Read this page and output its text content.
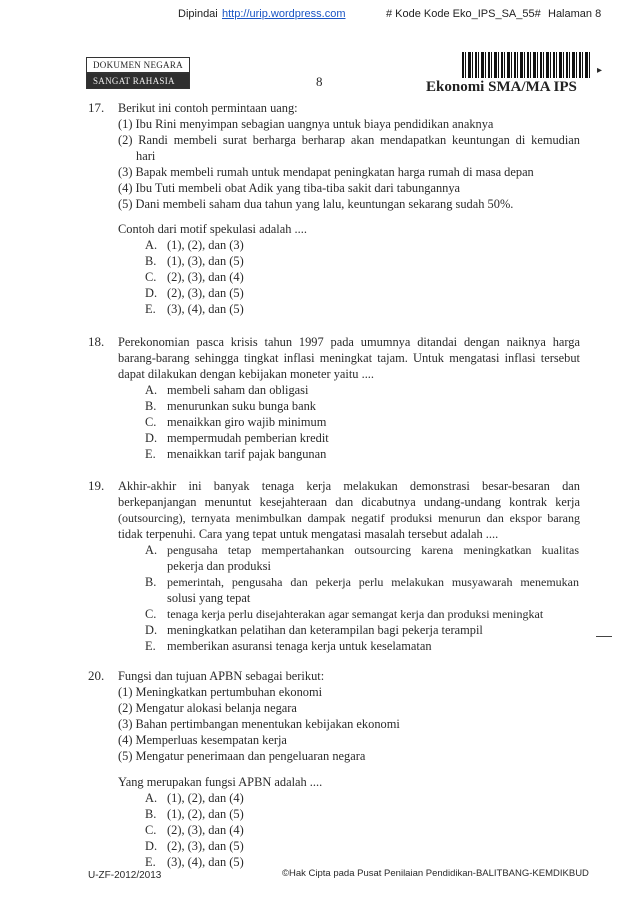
Dipindai http://urip.wordpress.com	# Kode Kode Eko_IPS_SA_55# Halaman 8
DOKUMEN NEGARA
SANGAT RAHASIA	8
▸
Ekonomi SMA/MA IPS
17. Berikut ini contoh permintaan uang:
(1) Ibu Rini menyimpan sebagian uangnya untuk biaya pendidikan anaknya
(2) Randi membeli surat berharga berharap akan mendapatkan keuntungan di kemudian
hari
(3) Bapak membeli rumah untuk mendapat peningkatan harga rumah di masa depan
(4) Ibu Tuti membeli obat Adik yang tiba-tiba sakit dari tabungannya
(5) Dani membeli saham dua tahun yang lalu, keuntungan sekarang sudah 50%.
Contoh dari motif spekulasi adalah ....
A. (1), (2), dan (3)
B. (1), (3), dan (5)
C. (2), (3), dan (4)
D. (2), (3), dan (5)
E. (3), (4), dan (5)
18. Perekonomian pasca krisis tahun 1997 pada umumnya ditandai dengan naiknya harga
barang-barang sehingga tingkat inflasi meningkat tajam. Untuk mengatasi inflasi tersebut
dapat dilakukan dengan kebijakan moneter yaitu ....
A. membeli saham dan obligasi
B. menurunkan suku bunga bank
C. menaikkan giro wajib minimum
D. mempermudah pemberian kredit
E. menaikkan tarif pajak bangunan
19. Akhir-akhir ini banyak tenaga kerja melakukan demonstrasi besar-besaran dan
berkepanjangan menuntut kesejahteraan dan dicabutnya undang-undang kontrak kerja
(outsourcing), ternyata menimbulkan dampak negatif produksi menurun dan ekspor barang
tidak terpenuhi. Cara yang tepat untuk mengatasi masalah tersebut adalah ....
A. pengusaha tetap mempertahankan outsourcing karena meningkatkan kualitas
pekerja dan produksi
B. pemerintah, pengusaha dan pekerja perlu melakukan musyawarah menemukan
solusi yang tepat
C. tenaga kerja perlu disejahterakan agar semangat kerja dan produksi meningkat
D. meningkatkan pelatihan dan keterampilan bagi pekerja terampil
E. memberikan asuransi tenaga kerja untuk keselamatan
20. Fungsi dan tujuan APBN sebagai berikut:
(1) Meningkatkan pertumbuhan ekonomi
(2) Mengatur alokasi belanja negara
(3) Bahan pertimbangan menentukan kebijakan ekonomi
(4) Memperluas kesempatan kerja
(5) Mengatur penerimaan dan pengeluaran negara
Yang merupakan fungsi APBN adalah ....
A. (1), (2), dan (4)
B. (1), (2), dan (5)
C. (2), (3), dan (4)
D. (2), (3), dan (5)
E. (3), (4), dan (5)
U-ZF-2012/2013	©Hak Cipta pada Pusat Penilaian Pendidikan-BALITBANG-KEMDIKBUD
